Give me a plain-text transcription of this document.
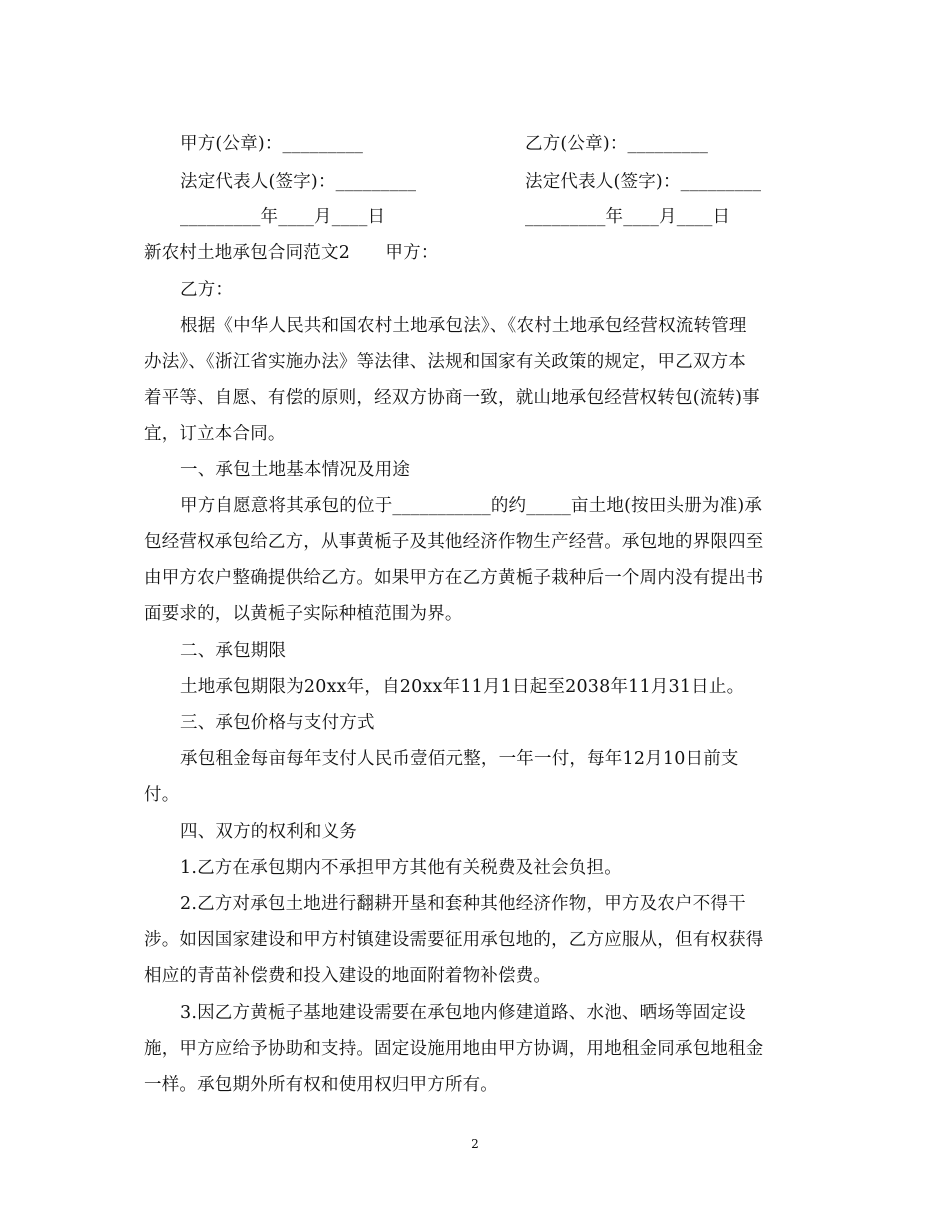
甲方(公章)：_________	乙方(公章)：_________
法定代表人(签字)：_________	法定代表人(签字)：_________
_________年____月____日	_________年____月____日
新农村土地承包合同范文2　　甲方：
乙方：
根据《中华人民共和国农村土地承包法》、《农村土地承包经营权流转管理
办法》、《浙江省实施办法》等法律、法规和国家有关政策的规定，甲乙双方本
着平等、自愿、有偿的原则，经双方协商一致，就山地承包经营权转包(流转)事
宜，订立本合同。
一、承包土地基本情况及用途
甲方自愿意将其承包的位于___________的约_____亩土地(按田头册为准)承
包经营权承包给乙方，从事黄栀子及其他经济作物生产经营。承包地的界限四至
由甲方农户整确提供给乙方。如果甲方在乙方黄栀子栽种后一个周内没有提出书
面要求的，以黄栀子实际种植范围为界。
二、承包期限
土地承包期限为20xx年，自20xx年11月1日起至2038年11月31日止。
三、承包价格与支付方式
承包租金每亩每年支付人民币壹佰元整，一年一付，每年12月10日前支
付。
四、双方的权利和义务
1.乙方在承包期内不承担甲方其他有关税费及社会负担。
2.乙方对承包土地进行翻耕开垦和套种其他经济作物，甲方及农户不得干
涉。如因国家建设和甲方村镇建设需要征用承包地的，乙方应服从，但有权获得
相应的青苗补偿费和投入建设的地面附着物补偿费。
3.因乙方黄栀子基地建设需要在承包地内修建道路、水池、晒场等固定设
施，甲方应给予协助和支持。固定设施用地由甲方协调，用地租金同承包地租金
一样。承包期外所有权和使用权归甲方所有。
2
